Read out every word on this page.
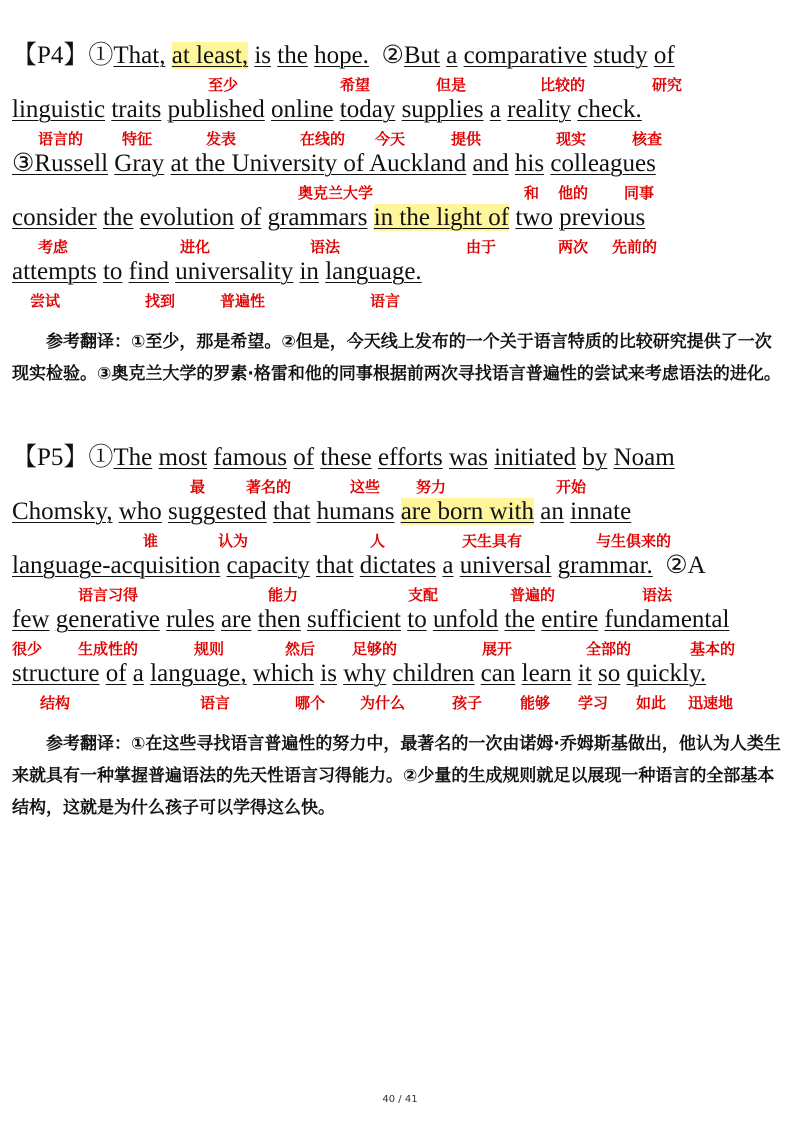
【P4】①That, at least, is the hope.  ②But a comparative study of
至少	希望	但是	比较的	研究
linguistic traits published online today supplies a reality check.
语言的	特征	发表	在线的 今天	提供	现实	核查
③Russell Gray at the University of Auckland and his colleagues
奥克兰大学	和 他的 同事
consider the evolution of grammars in the light of two previous
考虑	进化	语法	由于	两次 先前的
attempts to find universality in language.
尝试	找到	普遍性	语言

参考翻译：①至少，那是希望。②但是，今天线上发布的一个关于语言特质的比较研究提供了一次现实检验。③奥克兰大学的罗素·格雷和他的同事根据前两次寻找语言普遍性的尝试来考虑语法的进化。

【P5】①The most famous of these efforts was initiated by Noam
最	著名的	这些 努力	开始
Chomsky, who suggested that humans are born with an innate
谁	认为	人	天生具有	与生俱来的
language-acquisition capacity that dictates a universal grammar.  ②A
语言习得	能力	支配	普遍的	语法
few generative rules are then sufficient to unfold the entire fundamental
很少 生成性的	规则	然后 足够的	展开	全部的	基本的
structure of a language, which is why children can learn it so quickly.
结构	语言	哪个 为什么	孩子	能够 学习 如此 迅速地

参考翻译：①在这些寻找语言普遍性的努力中，最著名的一次由诺姆·乔姆斯基做出，他认为人类生来就具有一种掌握普遍语法的先天性语言习得能力。②少量的生成规则就足以展现一种语言的全部基本结构，这就是为什么孩子可以学得这么快。

40 / 41
